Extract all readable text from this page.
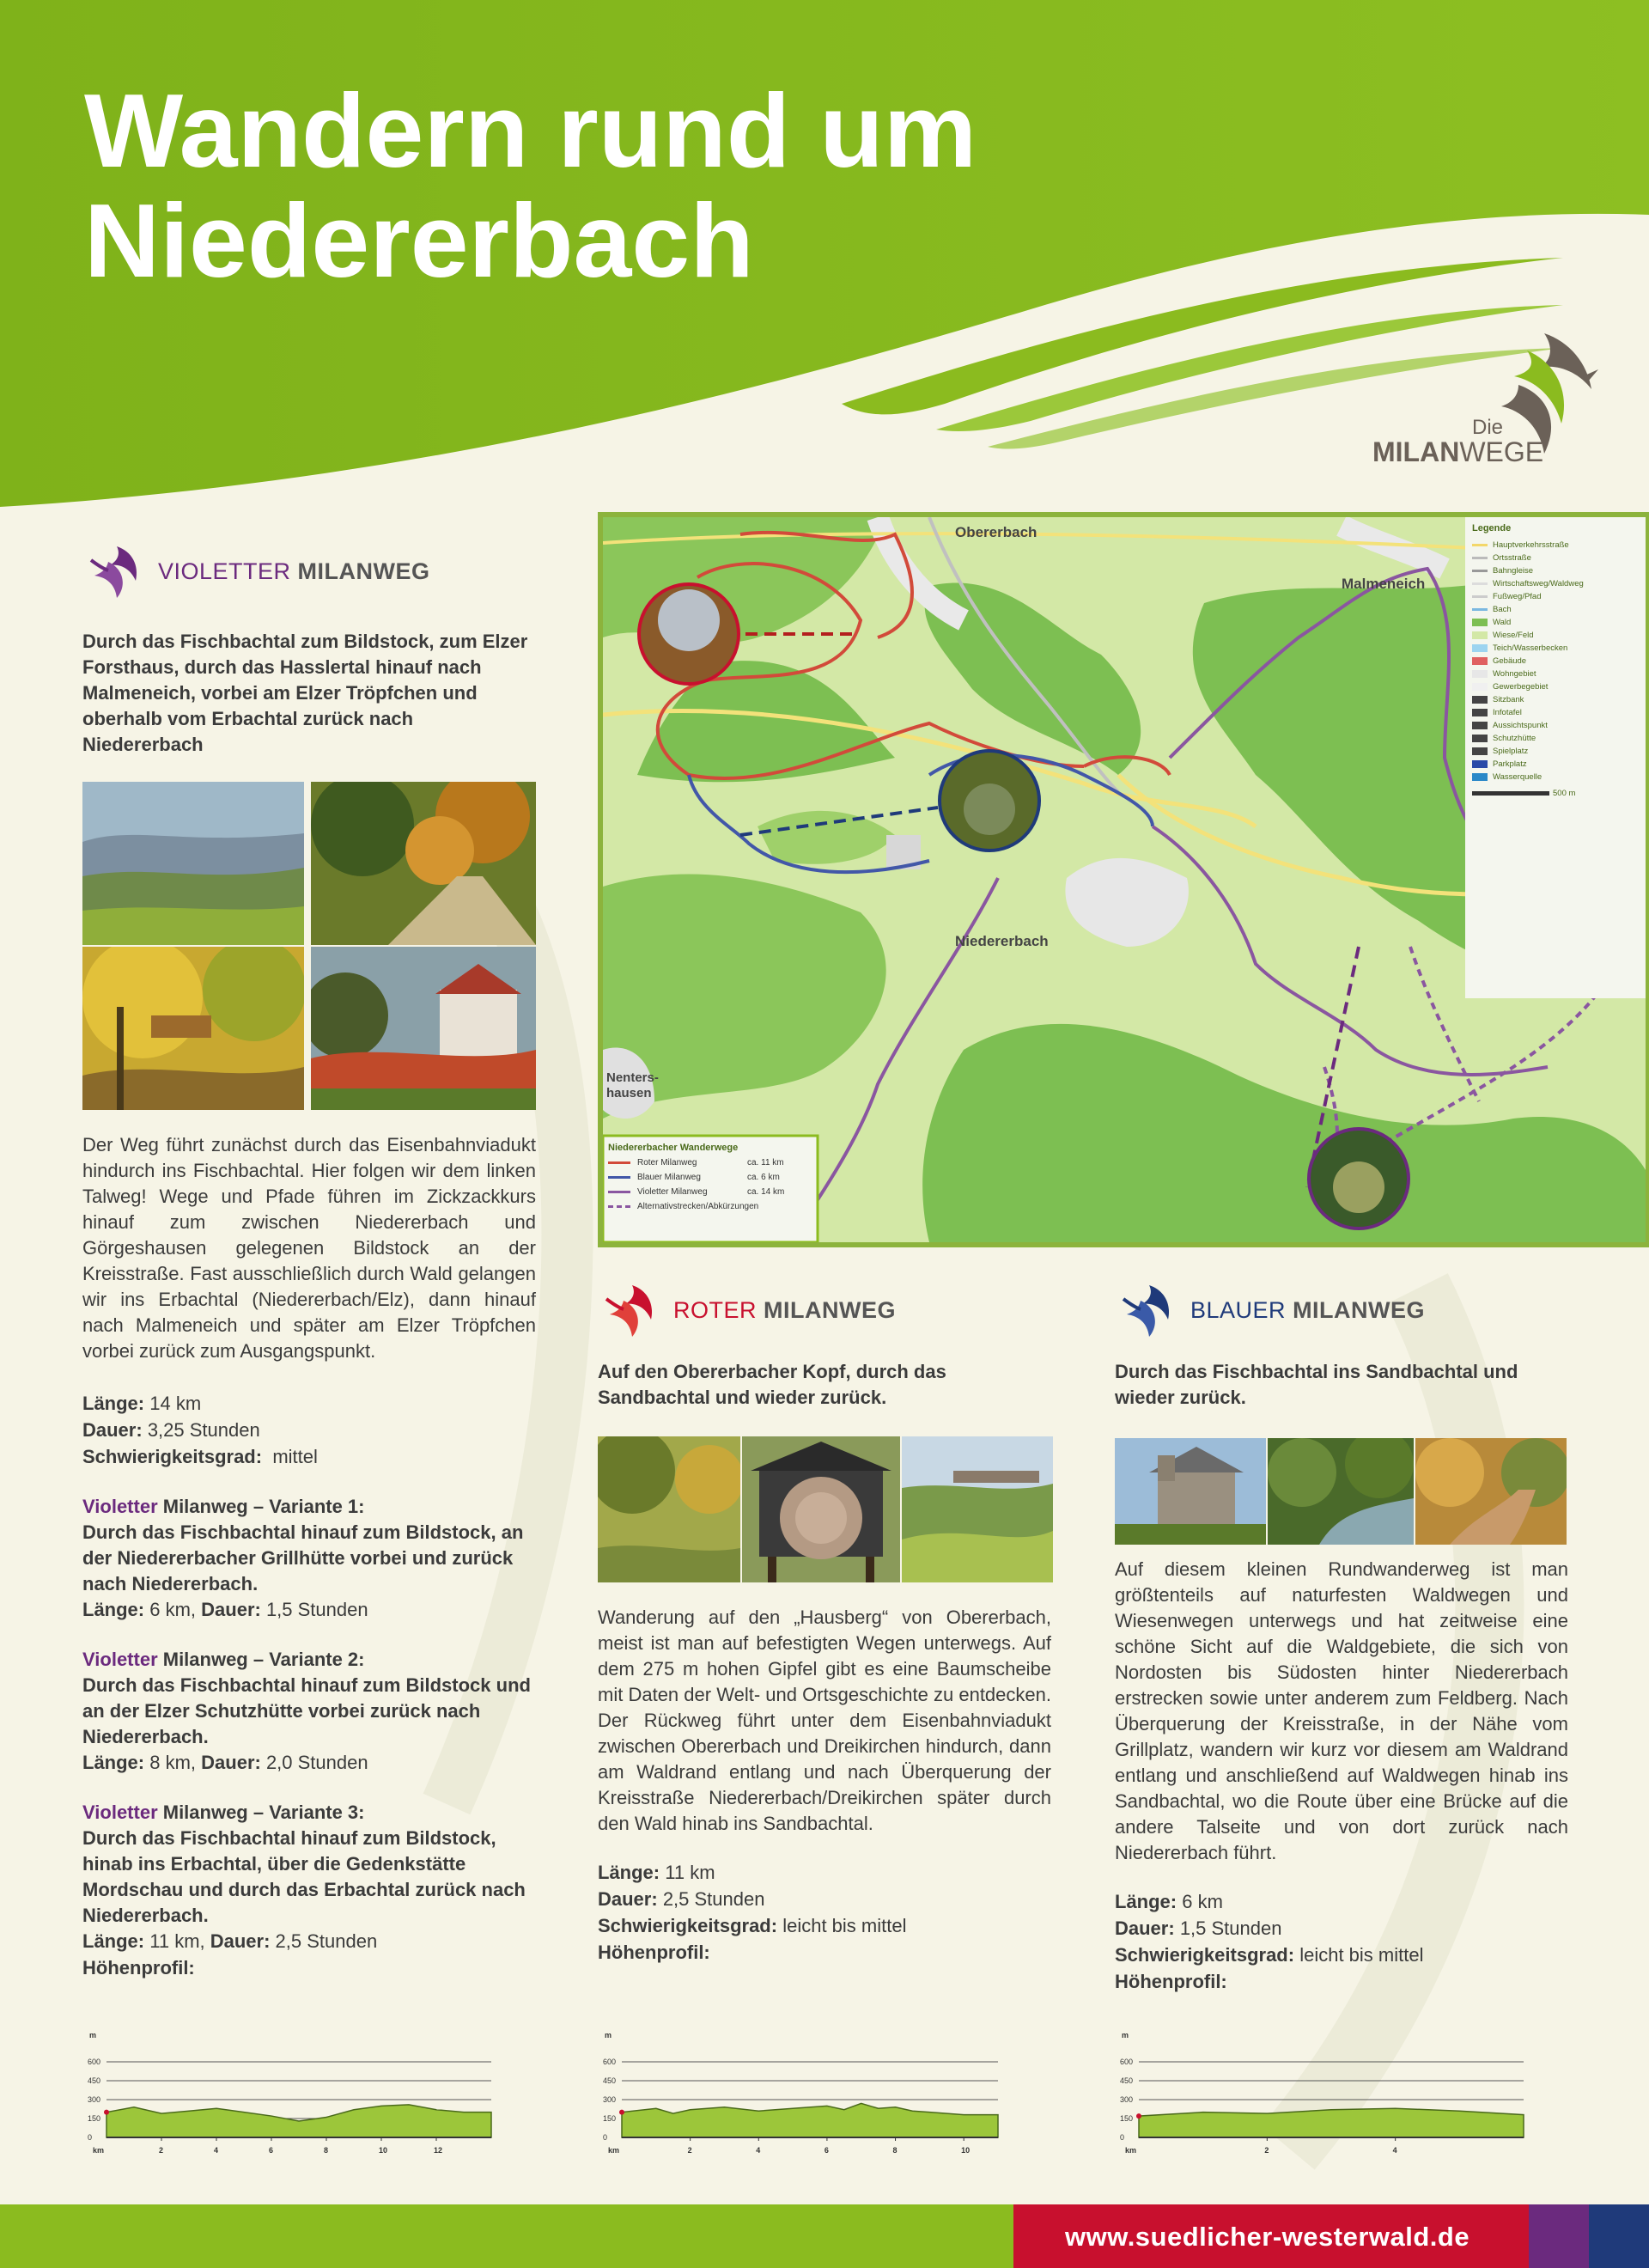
Wandern rund um
Niedererbach
Die
MILANWEGE
VIOLETTER MILANWEG
Durch das Fischbachtal zum Bildstock, zum Elzer Forsthaus, durch das Hasslertal hinauf nach Malmeneich, vorbei am Elzer Tröpfchen und oberhalb vom Erbachtal zurück nach Niedererbach
Der Weg führt zunächst durch das Eisenbahnviadukt hindurch ins Fischbachtal. Hier folgen wir dem linken Talweg! Wege und Pfade führen im Zickzackkurs hinauf zum zwischen Niedererbach und Görgeshausen gelegenen Bildstock an der Kreisstraße. Fast ausschließlich durch Wald gelangen wir ins Erbachtal (Niedererbach/Elz), dann hinauf nach Malmeneich und später am Elzer Tröpfchen vorbei zurück zum Ausgangspunkt.
Länge: 14 km
Dauer: 3,25 Stunden
Schwierigkeitsgrad: mittel
Violetter Milanweg – Variante 1:
Durch das Fischbachtal hinauf zum Bildstock, an der Niedererbacher Grillhütte vorbei und zurück nach Niedererbach.
Länge: 6 km, Dauer: 1,5 Stunden
Violetter Milanweg – Variante 2:
Durch das Fischbachtal hinauf zum Bildstock und an der Elzer Schutzhütte vorbei zurück nach Niedererbach.
Länge: 8 km, Dauer: 2,0 Stunden
Violetter Milanweg – Variante 3:
Durch das Fischbachtal hinauf zum Bildstock, hinab ins Erbachtal, über die Gedenkstätte Mordschau und durch das Erbachtal zurück nach Niedererbach.
Länge: 11 km, Dauer: 2,5 Stunden
Höhenprofil:
Obererbach
Malmeneich
Niedererbach
Nenters-hausen
Legende
Hauptverkehrsstraße
Ortsstraße
Bahngleise
Wirtschaftsweg/Waldweg
Fußweg/Pfad
Bach
Wald
Wiese/Feld
Teich/Wasserbecken
Gebäude
Wohngebiet
Gewerbegebiet
Sitzbank
Infotafel
Aussichtspunkt
Schutzhütte
Spielplatz
Parkplatz
Wasserquelle
500 m
Niedererbacher Wanderwege
Roter Milanweg	ca. 11 km
Blauer Milanweg	ca. 6 km
Violetter Milanweg	ca. 14 km
Alternativstrecken/Abkürzungen
ROTER MILANWEG
Auf den Obererbacher Kopf, durch das Sandbachtal und wieder zurück.
Wanderung auf den „Hausberg“ von Obererbach, meist ist man auf befestigten Wegen unterwegs. Auf dem 275 m hohen Gipfel gibt es eine Baumscheibe mit Daten der Welt- und Ortsgeschichte zu entdecken. Der Rückweg führt unter dem Eisenbahnviadukt zwischen Obererbach und Dreikirchen hindurch, dann am Waldrand entlang und nach Überquerung der Kreisstraße Niedererbach/Dreikirchen später durch den Wald hinab ins Sandbachtal.
Länge: 11 km
Dauer: 2,5 Stunden
Schwierigkeitsgrad: leicht bis mittel
Höhenprofil:
BLAUER MILANWEG
Durch das Fischbachtal ins Sandbachtal und wieder zurück.
Auf diesem kleinen Rundwanderweg ist man größtenteils auf naturfesten Waldwegen und Wiesenwegen unterwegs und hat zeitweise eine schöne Sicht auf die Waldgebiete, die sich von Nordosten bis Südosten hinter Niedererbach erstrecken sowie unter anderem zum Feldberg. Nach Überquerung der Kreisstraße, in der Nähe vom Grillplatz, wandern wir kurz vor diesem am Waldrand entlang und anschließend auf Waldwegen hinab ins Sandbachtal, wo die Route über eine Brücke auf die andere Talseite und von dort zurück nach Niedererbach führt.
Länge: 6 km
Dauer: 1,5 Stunden
Schwierigkeitsgrad: leicht bis mittel
Höhenprofil:
m
600
450
300
150
0
km	2	4	6	8	10	12
m
600
450
300
150
0
km	2	4	6	8	10
m
600
450
300
150
0
km	2	4
www.suedlicher-westerwald.de
